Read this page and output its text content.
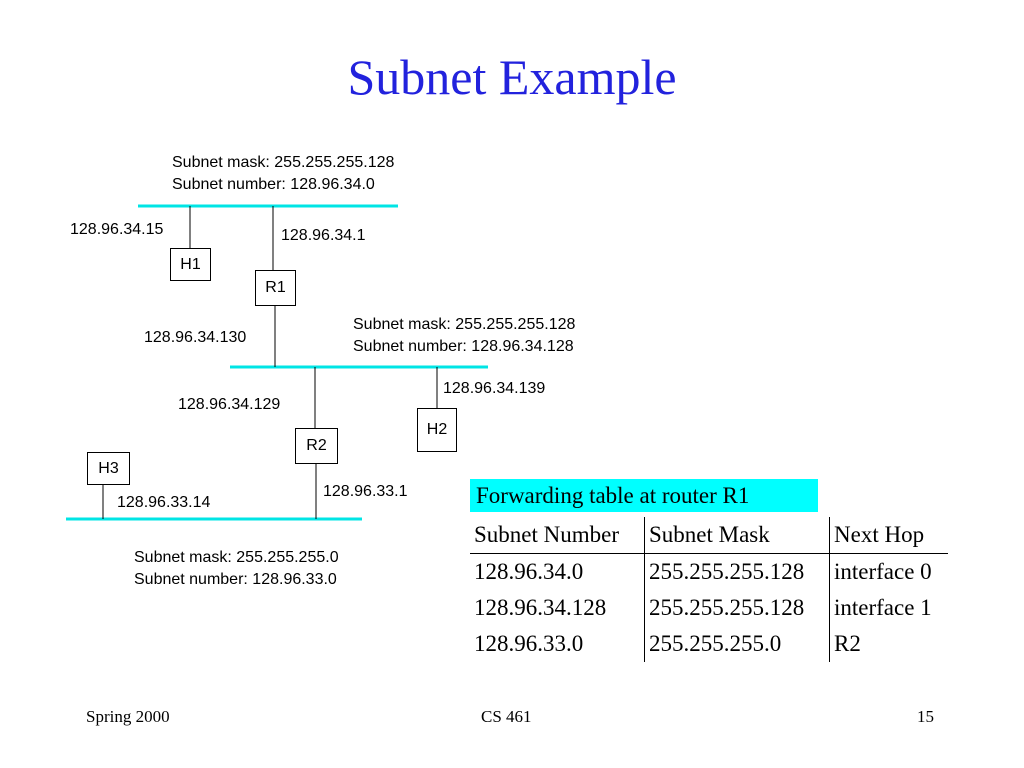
Subnet Example
Subnet mask: 255.255.255.128
Subnet number: 128.96.34.0
Subnet mask: 255.255.255.128
Subnet number: 128.96.34.128
Subnet mask: 255.255.255.0
Subnet number: 128.96.33.0
128.96.34.15	128.96.34.1
128.96.34.130
128.96.34.139
128.96.34.129
128.96.33.1
128.96.33.14
H1
R1
H2
R2
H3
Forwarding table at router R1
Subnet Number	Subnet Mask	Next Hop
128.96.34.0	255.255.255.128	interface 0
128.96.34.128	255.255.255.128	interface 1
128.96.33.0	255.255.255.0	R2
Spring 2000	CS 461	15
